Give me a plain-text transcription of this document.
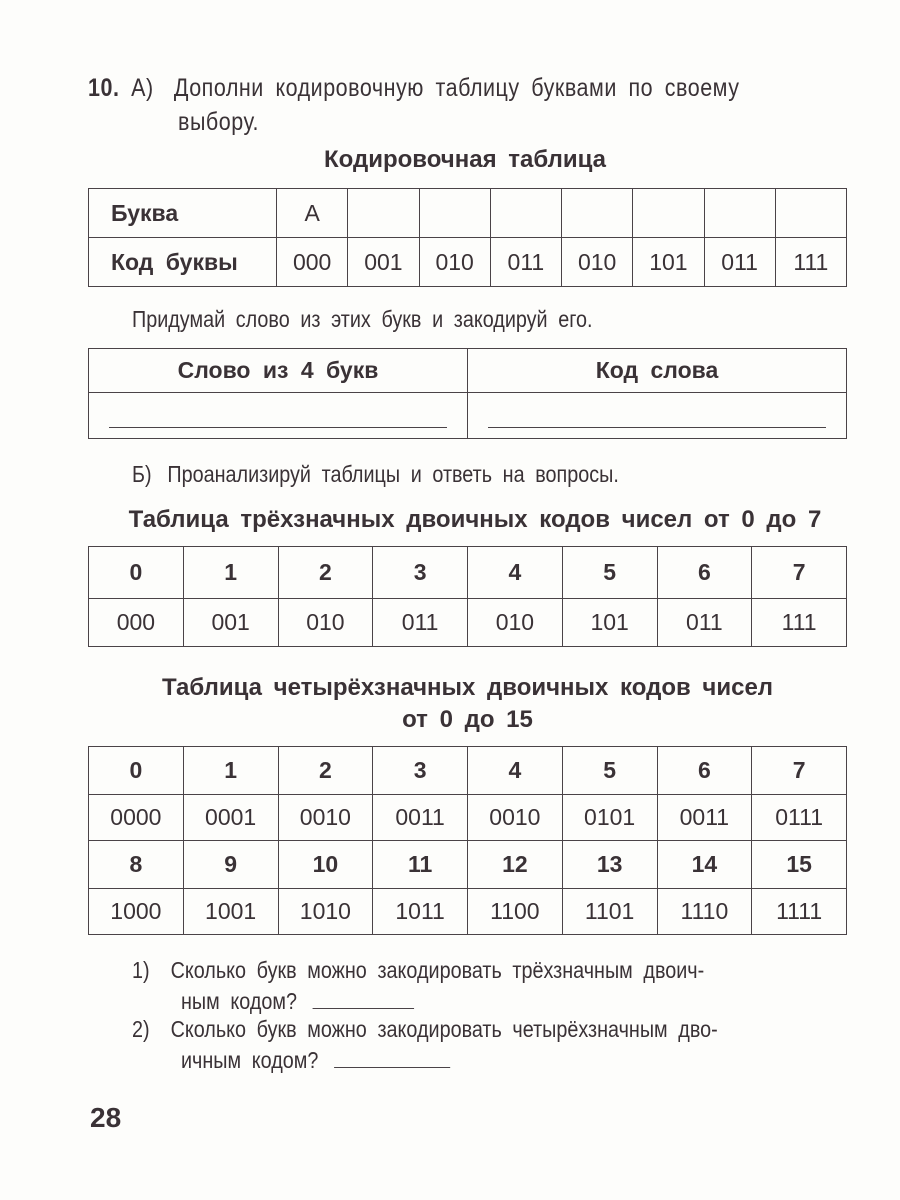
10. А) Дополни кодировочную таблицу буквами по своему
выбору.
Кодировочная таблица
Буква	А							
Код буквы	000	001	010	011	010	101	011	111
Придумай слово из этих букв и закодируй его.
Слово из 4 букв	Код слова

Б) Проанализируй таблицы и ответь на вопросы.
Таблица трёхзначных двоичных кодов чисел от 0 до 7
0	1	2	3	4	5	6	7
000	001	010	011	010	101	011	111
Таблица четырёхзначных двоичных кодов чисел
от 0 до 15
0	1	2	3	4	5	6	7
0000	0001	0010	0011	0010	0101	0011	0111
8	9	10	11	12	13	14	15
1000	1001	1010	1011	1100	1101	1110	1111
1) Сколько букв можно закодировать трёхзначным двоич-
ным кодом?
2) Сколько букв можно закодировать четырёхзначным дво-
ичным кодом?
28
